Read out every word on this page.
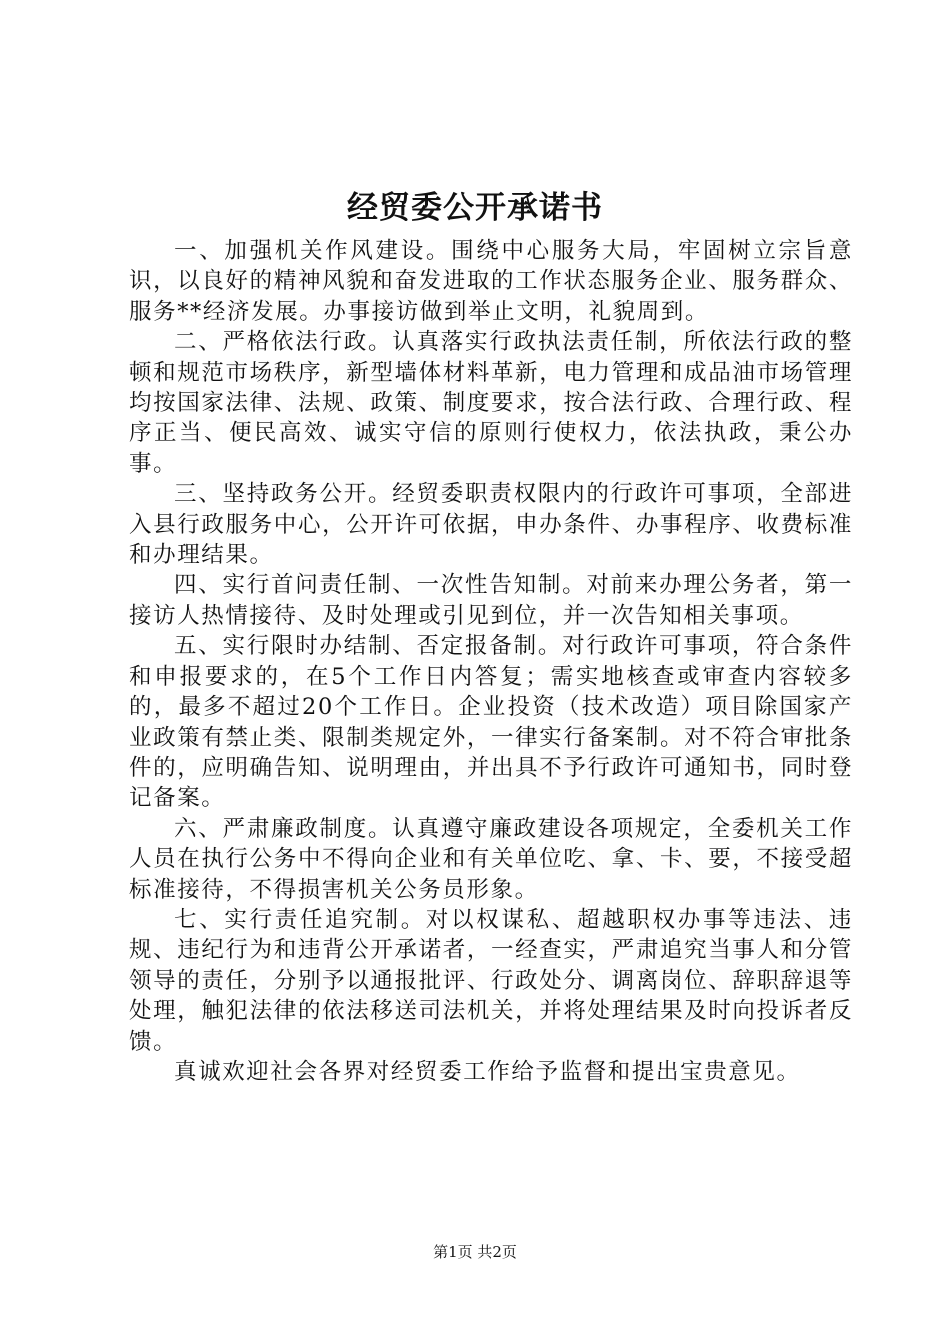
经贸委公开承诺书

一、加强机关作风建设。围绕中心服务大局，牢固树立宗旨意识，以良好的精神风貌和奋发进取的工作状态服务企业、服务群众、服务**经济发展。办事接访做到举止文明，礼貌周到。

二、严格依法行政。认真落实行政执法责任制，所依法行政的整顿和规范市场秩序，新型墙体材料革新，电力管理和成品油市场管理均按国家法律、法规、政策、制度要求，按合法行政、合理行政、程序正当、便民高效、诚实守信的原则行使权力，依法执政，秉公办事。

三、坚持政务公开。经贸委职责权限内的行政许可事项，全部进入县行政服务中心，公开许可依据，申办条件、办事程序、收费标准和办理结果。

四、实行首问责任制、一次性告知制。对前来办理公务者，第一接访人热情接待、及时处理或引见到位，并一次告知相关事项。

五、实行限时办结制、否定报备制。对行政许可事项，符合条件和申报要求的，在5个工作日内答复；需实地核查或审查内容较多的，最多不超过20个工作日。企业投资（技术改造）项目除国家产业政策有禁止类、限制类规定外，一律实行备案制。对不符合审批条件的，应明确告知、说明理由，并出具不予行政许可通知书，同时登记备案。

六、严肃廉政制度。认真遵守廉政建设各项规定，全委机关工作人员在执行公务中不得向企业和有关单位吃、拿、卡、要，不接受超标准接待，不得损害机关公务员形象。

七、实行责任追究制。对以权谋私、超越职权办事等违法、违规、违纪行为和违背公开承诺者，一经查实，严肃追究当事人和分管领导的责任，分别予以通报批评、行政处分、调离岗位、辞职辞退等处理，触犯法律的依法移送司法机关，并将处理结果及时向投诉者反馈。

真诚欢迎社会各界对经贸委工作给予监督和提出宝贵意见。

第1页 共2页
